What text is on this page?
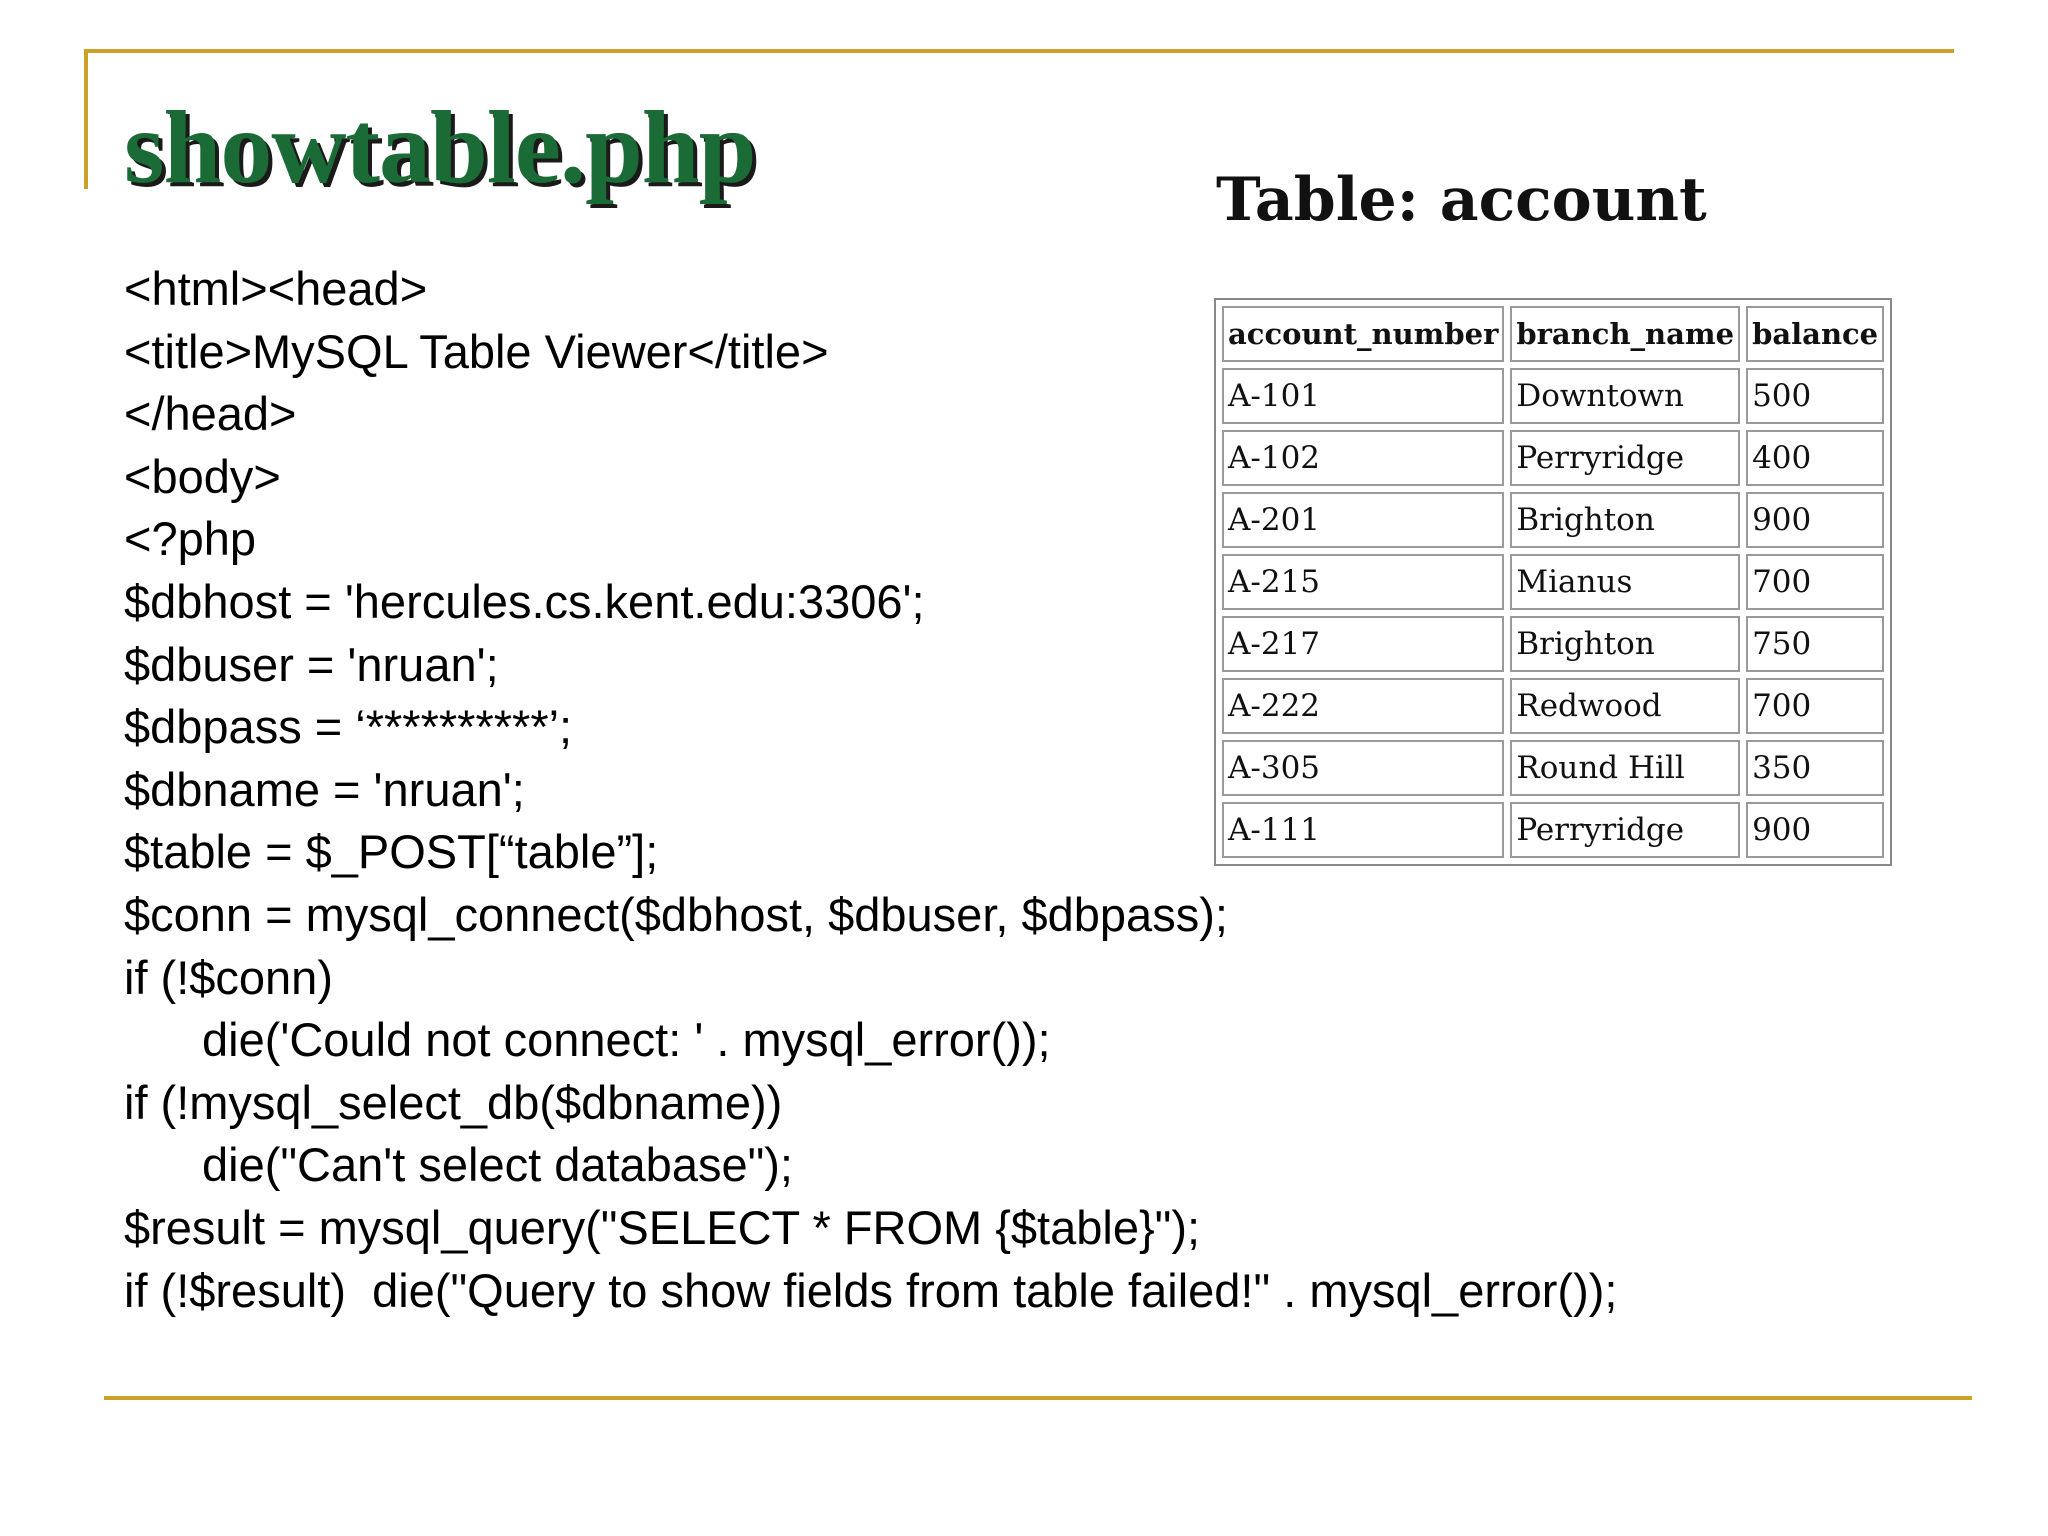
showtable.php
<html><head>
<title>MySQL Table Viewer</title>
</head>
<body>
<?php
$dbhost = 'hercules.cs.kent.edu:3306';
$dbuser = 'nruan';
$dbpass = ‘**********’;
$dbname = 'nruan';
$table = $_POST[“table”];
$conn = mysql_connect($dbhost, $dbuser, $dbpass);
if (!$conn)
die('Could not connect: ' . mysql_error());
if (!mysql_select_db($dbname))
die("Can't select database");
$result = mysql_query("SELECT * FROM {$table}");
if (!$result)  die("Query to show fields from table failed!" . mysql_error());
Table: account
account_number	branch_name	balance
A-101	Downtown	500
A-102	Perryridge	400
A-201	Brighton	900
A-215	Mianus	700
A-217	Brighton	750
A-222	Redwood	700
A-305	Round Hill	350
A-111	Perryridge	900
